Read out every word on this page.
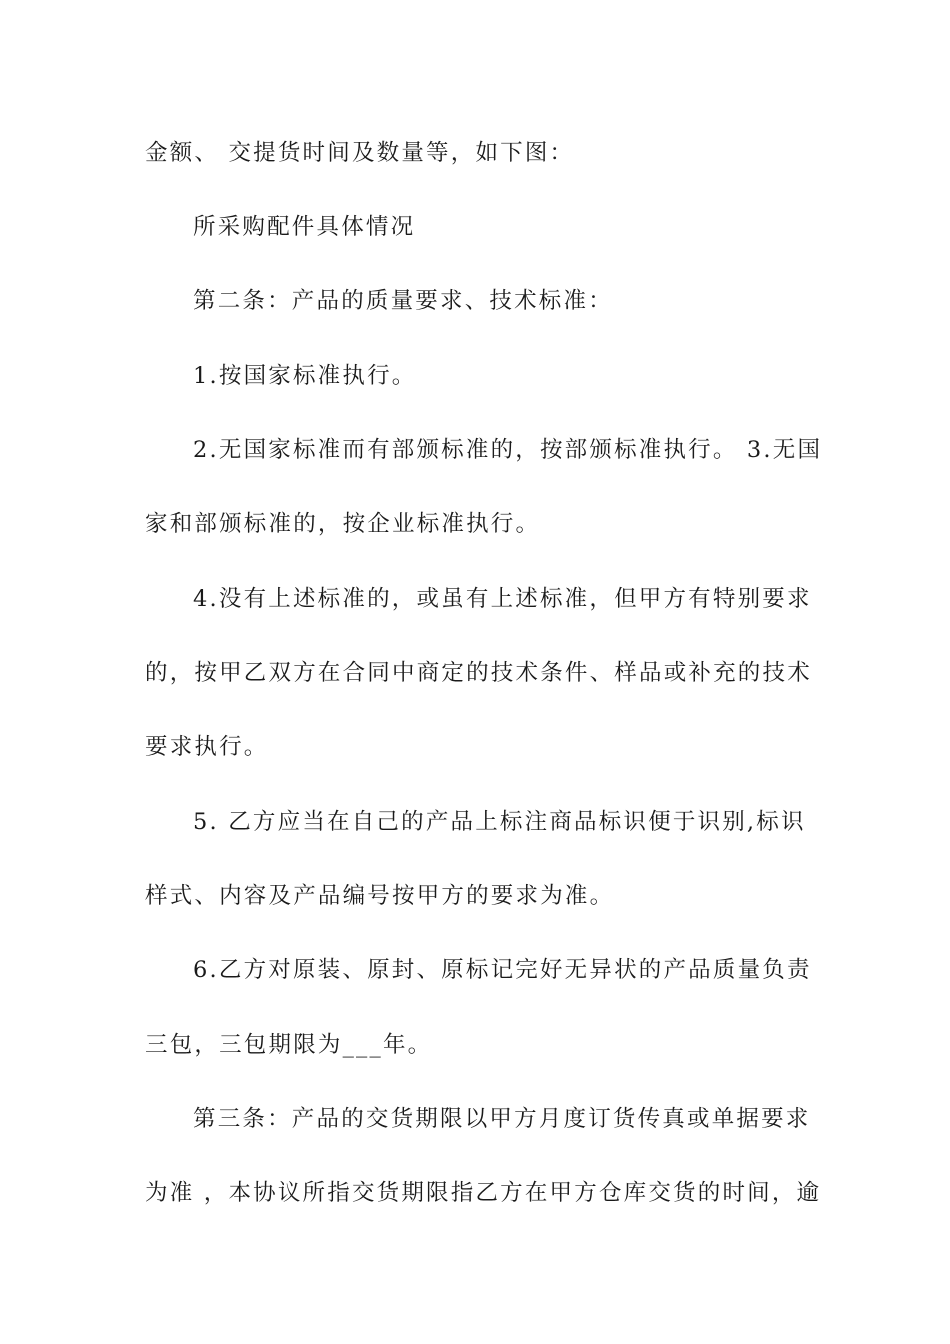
金额、 交提货时间及数量等，如下图：
所采购配件具体情况
第二条：产品的质量要求、技术标准：
1.按国家标准执行。
2.无国家标准而有部颁标准的，按部颁标准执行。 3.无国
家和部颁标准的，按企业标准执行。
4.没有上述标准的，或虽有上述标准，但甲方有特别要求
的，按甲乙双方在合同中商定的技术条件、样品或补充的技术
要求执行。
5. 乙方应当在自己的产品上标注商品标识便于识别,标识
样式、内容及产品编号按甲方的要求为准。
6.乙方对原装、原封、原标记完好无异状的产品质量负责
三包，三包期限为___年。
第三条：产品的交货期限以甲方月度订货传真或单据要求
为准 ，本协议所指交货期限指乙方在甲方仓库交货的时间，逾
